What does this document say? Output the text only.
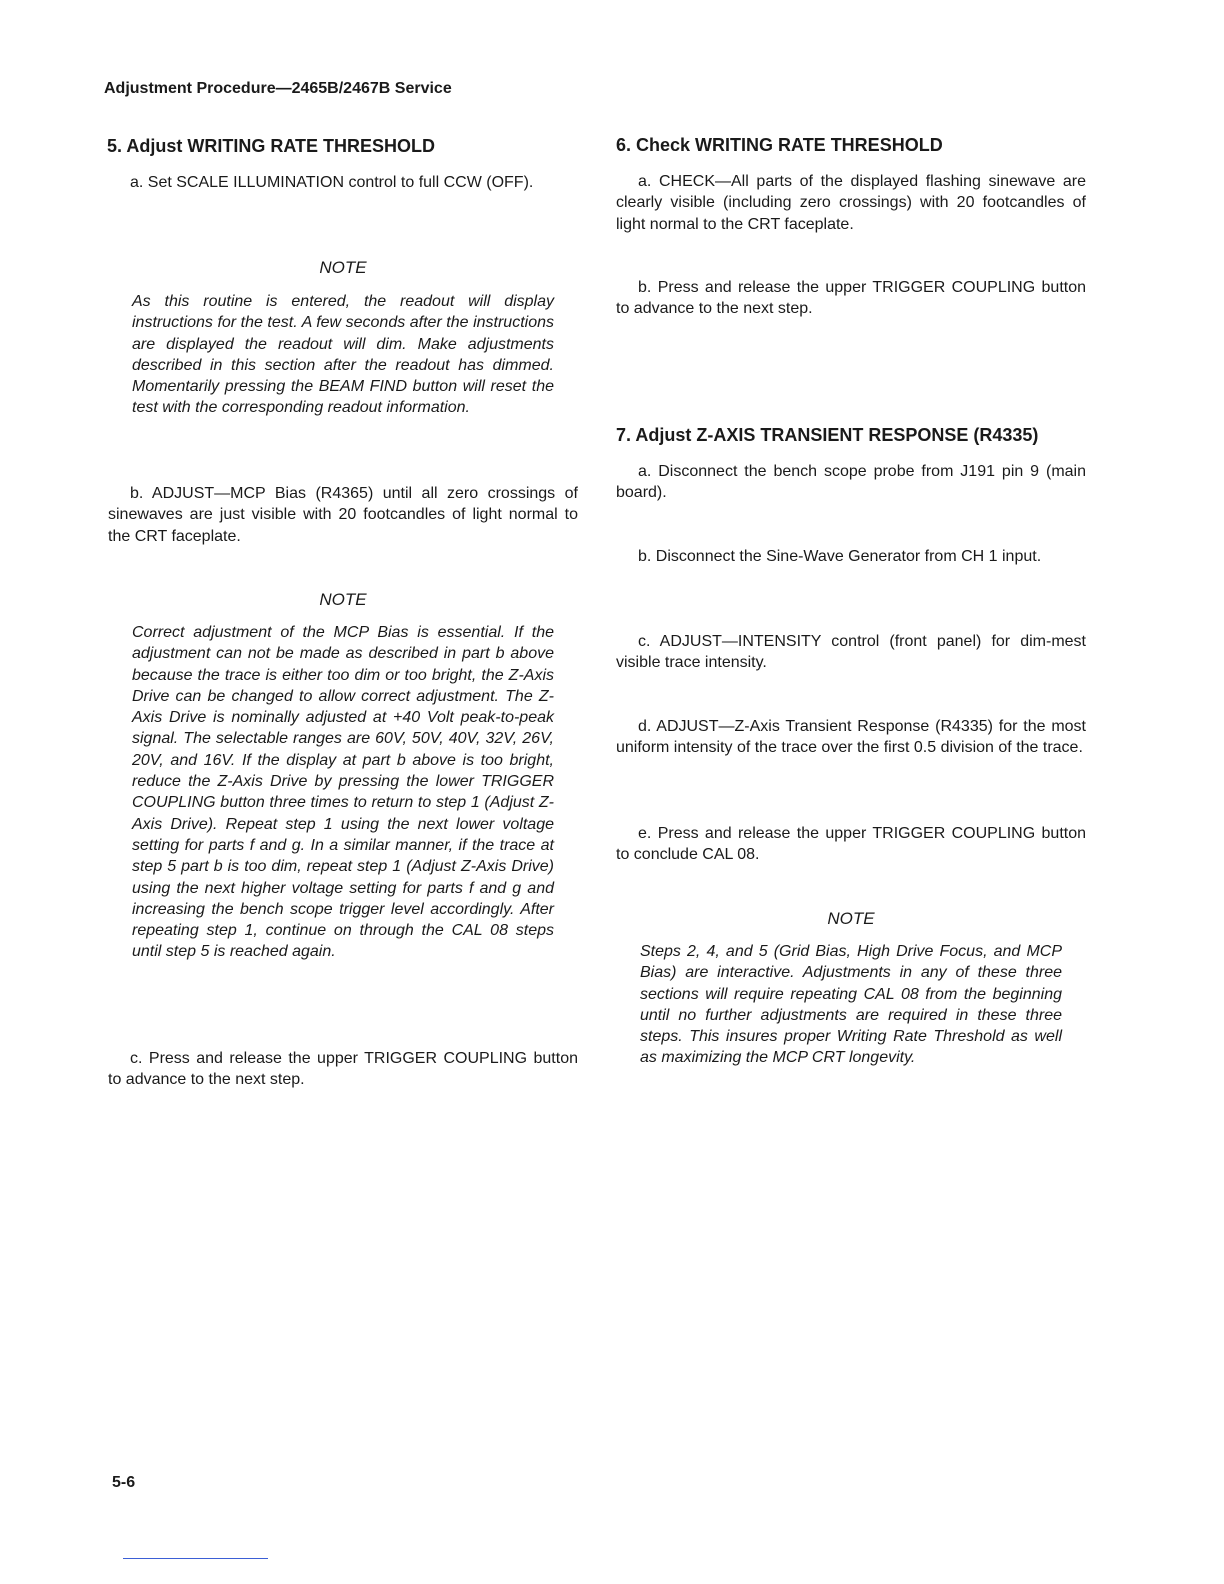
Adjustment Procedure—2465B/2467B Service

5. Adjust WRITING RATE THRESHOLD

a. Set SCALE ILLUMINATION control to full CCW (OFF).

NOTE

As this routine is entered, the readout will display instructions for the test. A few seconds after the instructions are displayed the readout will dim. Make adjustments described in this section after the readout has dimmed. Momentarily pressing the BEAM FIND button will reset the test with the corresponding readout information.

b. ADJUST—MCP Bias (R4365) until all zero crossings of sinewaves are just visible with 20 footcandles of light normal to the CRT faceplate.

NOTE

Correct adjustment of the MCP Bias is essential. If the adjustment can not be made as described in part b above because the trace is either too dim or too bright, the Z-Axis Drive can be changed to allow correct adjustment. The Z-Axis Drive is nominally adjusted at +40 Volt peak-to-peak signal. The selectable ranges are 60V, 50V, 40V, 32V, 26V, 20V, and 16V. If the display at part b above is too bright, reduce the Z-Axis Drive by pressing the lower TRIGGER COUPLING button three times to return to step 1 (Adjust Z-Axis Drive). Repeat step 1 using the next lower voltage setting for parts f and g. In a similar manner, if the trace at step 5 part b is too dim, repeat step 1 (Adjust Z-Axis Drive) using the next higher voltage setting for parts f and g and increasing the bench scope trigger level accordingly. After repeating step 1, continue on through the CAL 08 steps until step 5 is reached again.

c. Press and release the upper TRIGGER COUPLING button to advance to the next step.

6. Check WRITING RATE THRESHOLD

a. CHECK—All parts of the displayed flashing sinewave are clearly visible (including zero crossings) with 20 footcandles of light normal to the CRT faceplate.

b. Press and release the upper TRIGGER COUPLING button to advance to the next step.

7. Adjust Z-AXIS TRANSIENT RESPONSE (R4335)

a. Disconnect the bench scope probe from J191 pin 9 (main board).

b. Disconnect the Sine-Wave Generator from CH 1 input.

c. ADJUST—INTENSITY control (front panel) for dim-mest visible trace intensity.

d. ADJUST—Z-Axis Transient Response (R4335) for the most uniform intensity of the trace over the first 0.5 division of the trace.

e. Press and release the upper TRIGGER COUPLING button to conclude CAL 08.

NOTE

Steps 2, 4, and 5 (Grid Bias, High Drive Focus, and MCP Bias) are interactive. Adjustments in any of these three sections will require repeating CAL 08 from the beginning until no further adjustments are required in these three steps. This insures proper Writing Rate Threshold as well as maximizing the MCP CRT longevity.

5-6
